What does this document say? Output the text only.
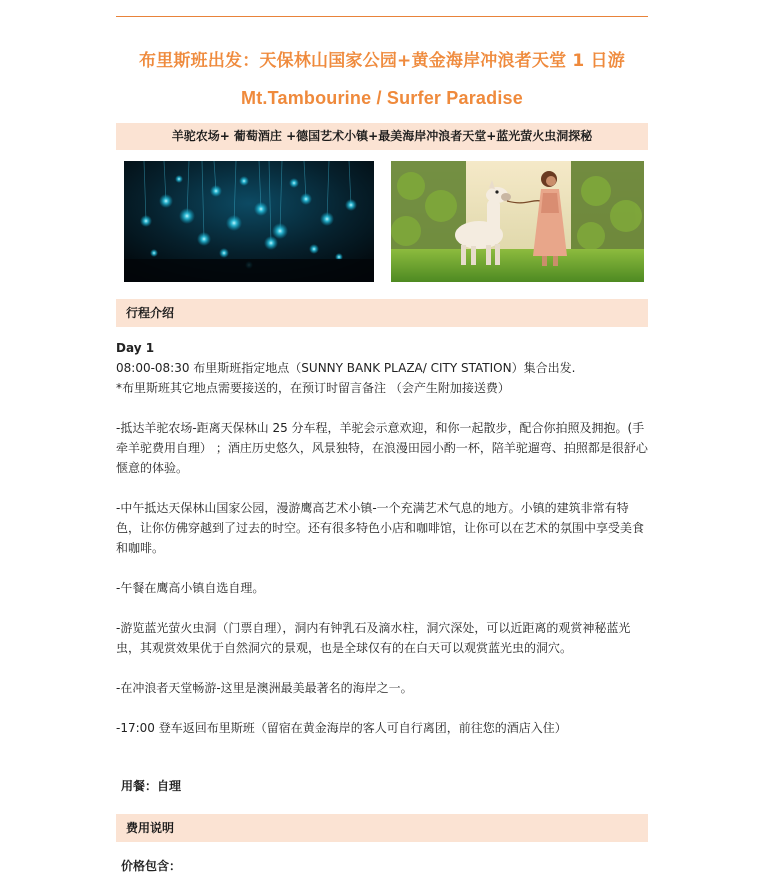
布里斯班出发：天保林山国家公园+黄金海岸冲浪者天堂 1 日游
Mt.Tambourine / Surfer Paradise
羊驼农场+ 葡萄酒庄 +德国艺术小镇+最美海岸冲浪者天堂+蓝光萤火虫洞探秘
行程介绍

Day 1

08:00-08:30 布里斯班指定地点（SUNNY BANK PLAZA/ CITY STATION）集合出发.

*布里斯班其它地点需要接送的，在预订时留言备注 （会产生附加接送费）

-抵达羊驼农场-距离天保林山 25 分车程，羊驼会示意欢迎，和你一起散步，配合你拍照及拥抱。(手牵羊驼费用自理） ；酒庄历史悠久，风景独特，在浪漫田园小酌一杯，陪羊驼遛弯、拍照都是很舒心惬意的体验。

-中午抵达天保林山国家公园，漫游鹰高艺术小镇-一个充满艺术气息的地方。小镇的建筑非常有特色，让你仿佛穿越到了过去的时空。还有很多特色小店和咖啡馆，让你可以在艺术的氛围中享受美食和咖啡。

-午餐在鹰高小镇自选自理。

-游览蓝光萤火虫洞（门票自理），洞内有钟乳石及滴水柱，洞穴深处，可以近距离的观赏神秘蓝光虫，其观赏效果优于自然洞穴的景观，也是全球仅有的在白天可以观赏蓝光虫的洞穴。

-在冲浪者天堂畅游-这里是澳洲最美最著名的海岸之一。

-17:00 登车返回布里斯班（留宿在黄金海岸的客人可自行离团，前往您的酒店入住）

用餐：自理
费用说明
价格包含：
